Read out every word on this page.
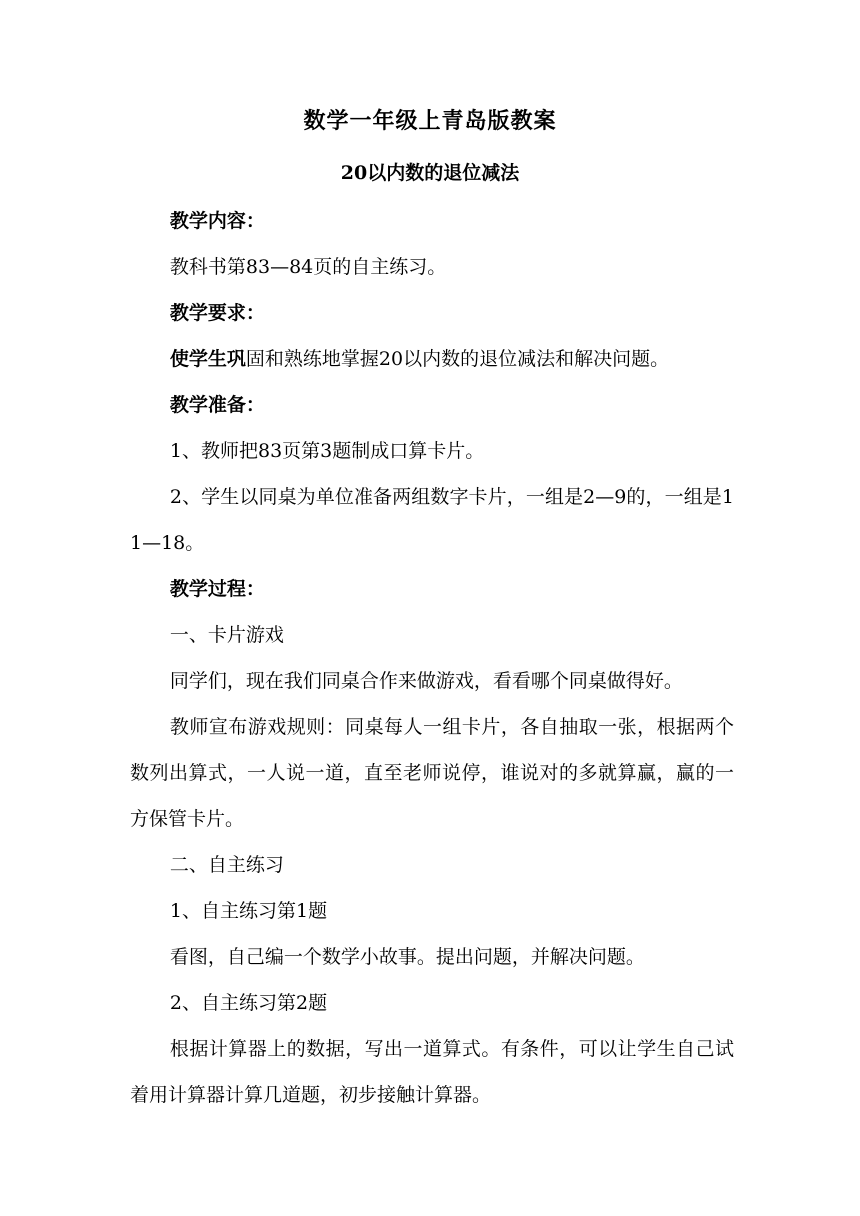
数学一年级上青岛版教案
20以内数的退位减法

教学内容：

教科书第83—84页的自主练习。

教学要求：

使学生巩固和熟练地掌握20以内数的退位减法和解决问题。

教学准备：

1、教师把83页第3题制成口算卡片。

2、学生以同桌为单位准备两组数字卡片，一组是2—9的，一组是11—18。

教学过程：

一、卡片游戏

同学们，现在我们同桌合作来做游戏，看看哪个同桌做得好。

教师宣布游戏规则：同桌每人一组卡片，各自抽取一张，根据两个数列出算式，一人说一道，直至老师说停，谁说对的多就算赢，赢的一方保管卡片。

二、自主练习

1、自主练习第1题

看图，自己编一个数学小故事。提出问题，并解决问题。

2、自主练习第2题

根据计算器上的数据，写出一道算式。有条件，可以让学生自己试着用计算器计算几道题，初步接触计算器。
